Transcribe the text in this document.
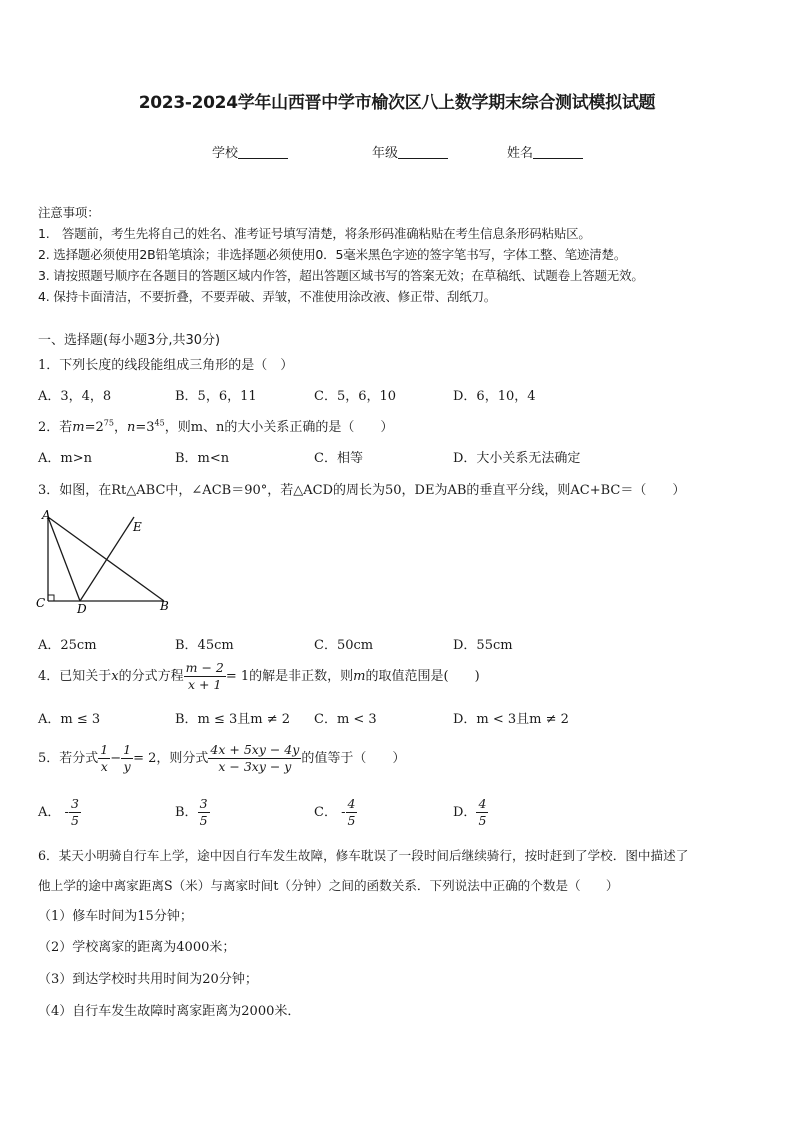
2023-2024学年山西晋中学市榆次区八上数学期末综合测试模拟试题
学校	年级	姓名
注意事项：
1.　答题前，考生先将自己的姓名、准考证号填写清楚，将条形码准确粘贴在考生信息条形码粘贴区。
2. 选择题必须使用2B铅笔填涂；非选择题必须使用0．5毫米黑色字迹的签字笔书写，字体工整、笔迹清楚。
3. 请按照题号顺序在各题目的答题区域内作答，超出答题区域书写的答案无效；在草稿纸、试题卷上答题无效。
4. 保持卡面清洁，不要折叠，不要弄破、弄皱，不准使用涂改液、修正带、刮纸刀。
一、选择题(每小题3分,共30分)
1．下列长度的线段能组成三角形的是（　）
A．3，4，8	B．5，6，11	C．5，6，10	D．6，10，4
2．若$m=2^{75}$，$n=3^{45}$，则m、n的大小关系正确的是（　　）
A．m>n	B．m<n	C．相等	D．大小关系无法确定
3．如图，在Rt△ABC中，∠ACB＝90°，若△ACD的周长为50，DE为AB的垂直平分线，则AC+BC＝（　　）
A
E
C	D	B
A．25cm	B．45cm	C．50cm	D．55cm
4．已知关于x的分式方程 $\frac{m - 2}{x + 1} = 1$的解是非正数，则m的取值范围是(　　)
A．m ≤ 3	B．m ≤ 3且m ≠ 2 C．m < 3	D．m < 3且m ≠ 2
5．若分式 $\frac{1}{x} - \frac{1}{y} = 2$，则分式 $\frac{4x + 5xy - 4y}{x - 3xy - y}$ 的值等于（　　）
A． - $\frac{3}{5}$	B． $\frac{3}{5}$	C． - $\frac{4}{5}$	D． $\frac{4}{5}$
6．某天小明骑自行车上学，途中因自行车发生故障，修车耽误了一段时间后继续骑行，按时赶到了学校．图中描述了
他上学的途中离家距离S（米）与离家时间t（分钟）之间的函数关系．下列说法中正确的个数是（　　）
（1）修车时间为15分钟；
（2）学校离家的距离为4000米；
（3）到达学校时共用时间为20分钟；
（4）自行车发生故障时离家距离为2000米．
